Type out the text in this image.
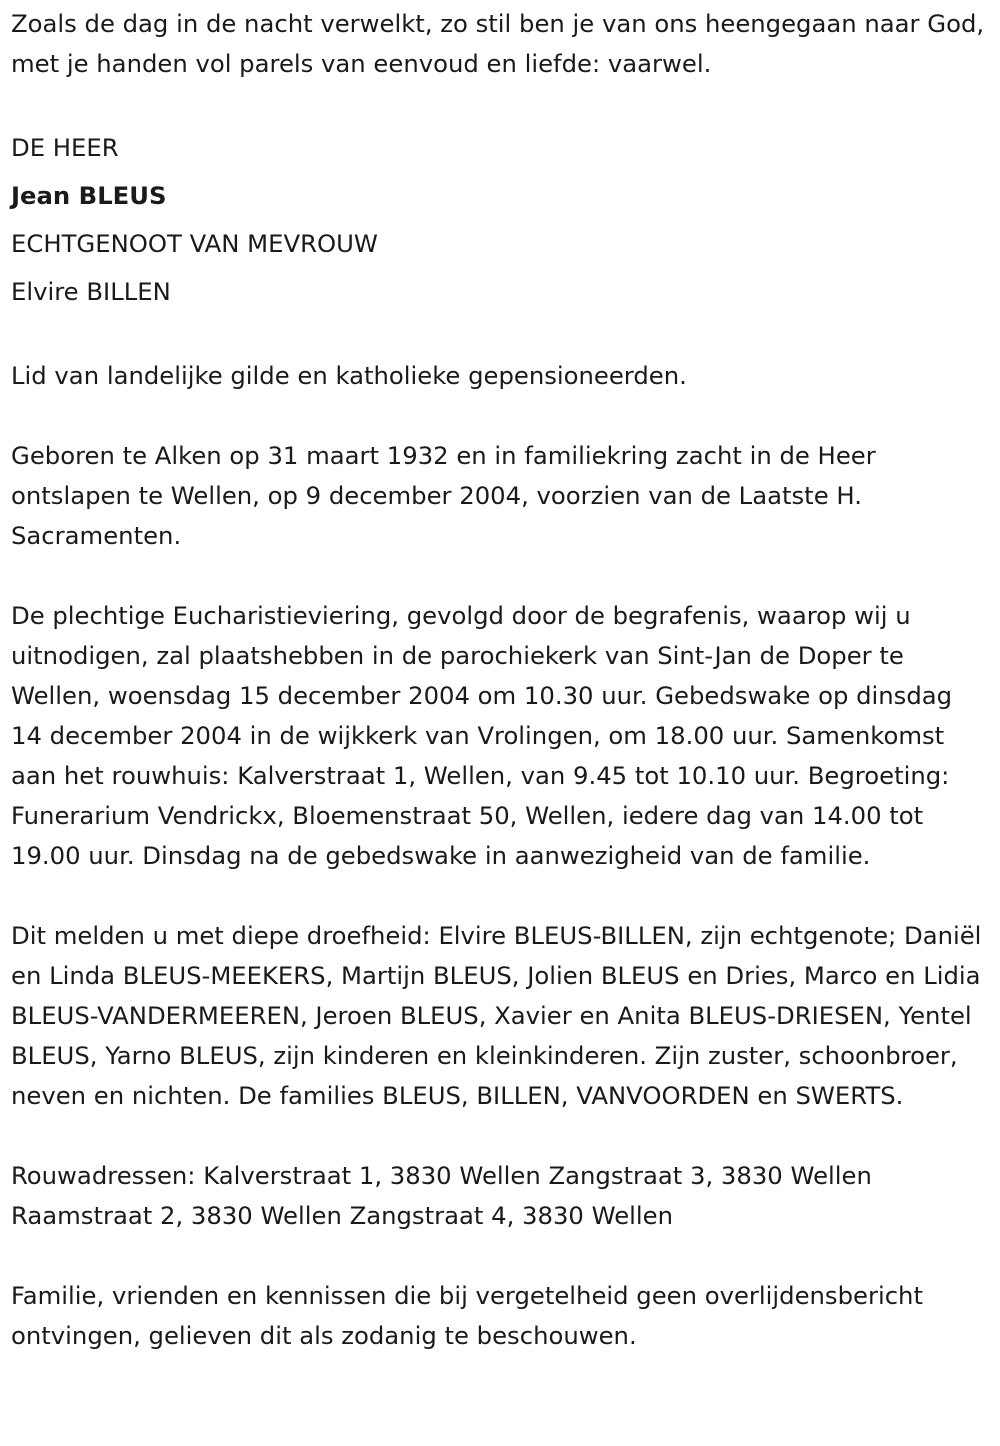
Zoals de dag in de nacht verwelkt, zo stil ben je van ons heengegaan naar God, met je handen vol parels van eenvoud en liefde: vaarwel.

DE HEER

Jean BLEUS

ECHTGENOOT VAN MEVROUW

Elvire BILLEN

Lid van landelijke gilde en katholieke gepensioneerden.

Geboren te Alken op 31 maart 1932 en in familiekring zacht in de Heer ontslapen te Wellen, op 9 december 2004, voorzien van de Laatste H. Sacramenten.

De plechtige Eucharistieviering, gevolgd door de begrafenis, waarop wij u uitnodigen, zal plaatshebben in de parochiekerk van Sint-Jan de Doper te Wellen, woensdag 15 december 2004 om 10.30 uur. Gebedswake op dinsdag 14 december 2004 in de wijkkerk van Vrolingen, om 18.00 uur. Samenkomst aan het rouwhuis: Kalverstraat 1, Wellen, van 9.45 tot 10.10 uur. Begroeting: Funerarium Vendrickx, Bloemenstraat 50, Wellen, iedere dag van 14.00 tot 19.00 uur. Dinsdag na de gebedswake in aanwezigheid van de familie.

Dit melden u met diepe droefheid: Elvire BLEUS-BILLEN, zijn echtgenote; Daniël en Linda BLEUS-MEEKERS, Martijn BLEUS, Jolien BLEUS en Dries, Marco en Lidia BLEUS-VANDERMEEREN, Jeroen BLEUS, Xavier en Anita BLEUS-DRIESEN, Yentel BLEUS, Yarno BLEUS, zijn kinderen en kleinkinderen. Zijn zuster, schoonbroer, neven en nichten. De families BLEUS, BILLEN, VANVOORDEN en SWERTS.

Rouwadressen: Kalverstraat 1, 3830 Wellen Zangstraat 3, 3830 Wellen Raamstraat 2, 3830 Wellen Zangstraat 4, 3830 Wellen

Familie, vrienden en kennissen die bij vergetelheid geen overlijdensbericht ontvingen, gelieven dit als zodanig te beschouwen.
